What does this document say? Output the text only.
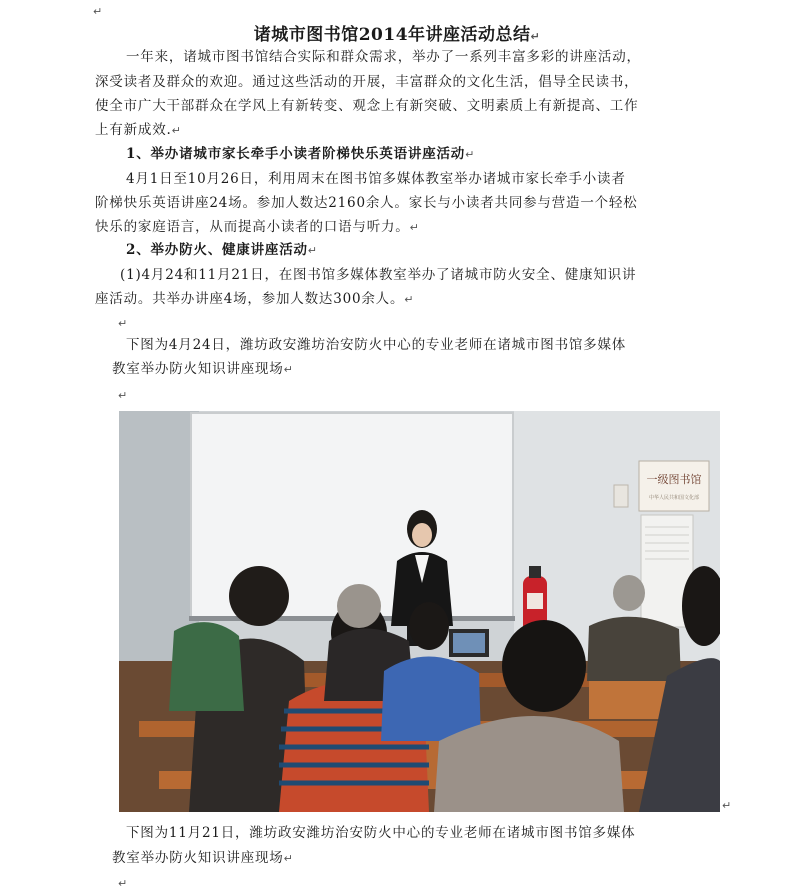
↵
诸城市图书馆2014年讲座活动总结↵
一年来，诸城市图书馆结合实际和群众需求，举办了一系列丰富多彩的讲座活动，
深受读者及群众的欢迎。通过这些活动的开展，丰富群众的文化生活，倡导全民读书，
使全市广大干部群众在学风上有新转变、观念上有新突破、文明素质上有新提高、工作
上有新成效.↵
1、举办诸城市家长牵手小读者阶梯快乐英语讲座活动↵
4月1日至10月26日，利用周末在图书馆多媒体教室举办诸城市家长牵手小读者
阶梯快乐英语讲座24场。参加人数达2160余人。家长与小读者共同参与营造一个轻松
快乐的家庭语言，从而提高小读者的口语与听力。↵
2、举办防火、健康讲座活动↵
(1)4月24和11月21日，在图书馆多媒体教室举办了诸城市防火安全、健康知识讲
座活动。共举办讲座4场，参加人数达300余人。↵
↵
下图为4月24日，潍坊政安潍坊治安防火中心的专业老师在诸城市图书馆多媒体
教室举办防火知识讲座现场↵
↵
一级图书馆
中华人民共和国文化部
↵
下图为11月21日，潍坊政安潍坊治安防火中心的专业老师在诸城市图书馆多媒体
教室举办防火知识讲座现场↵
↵
